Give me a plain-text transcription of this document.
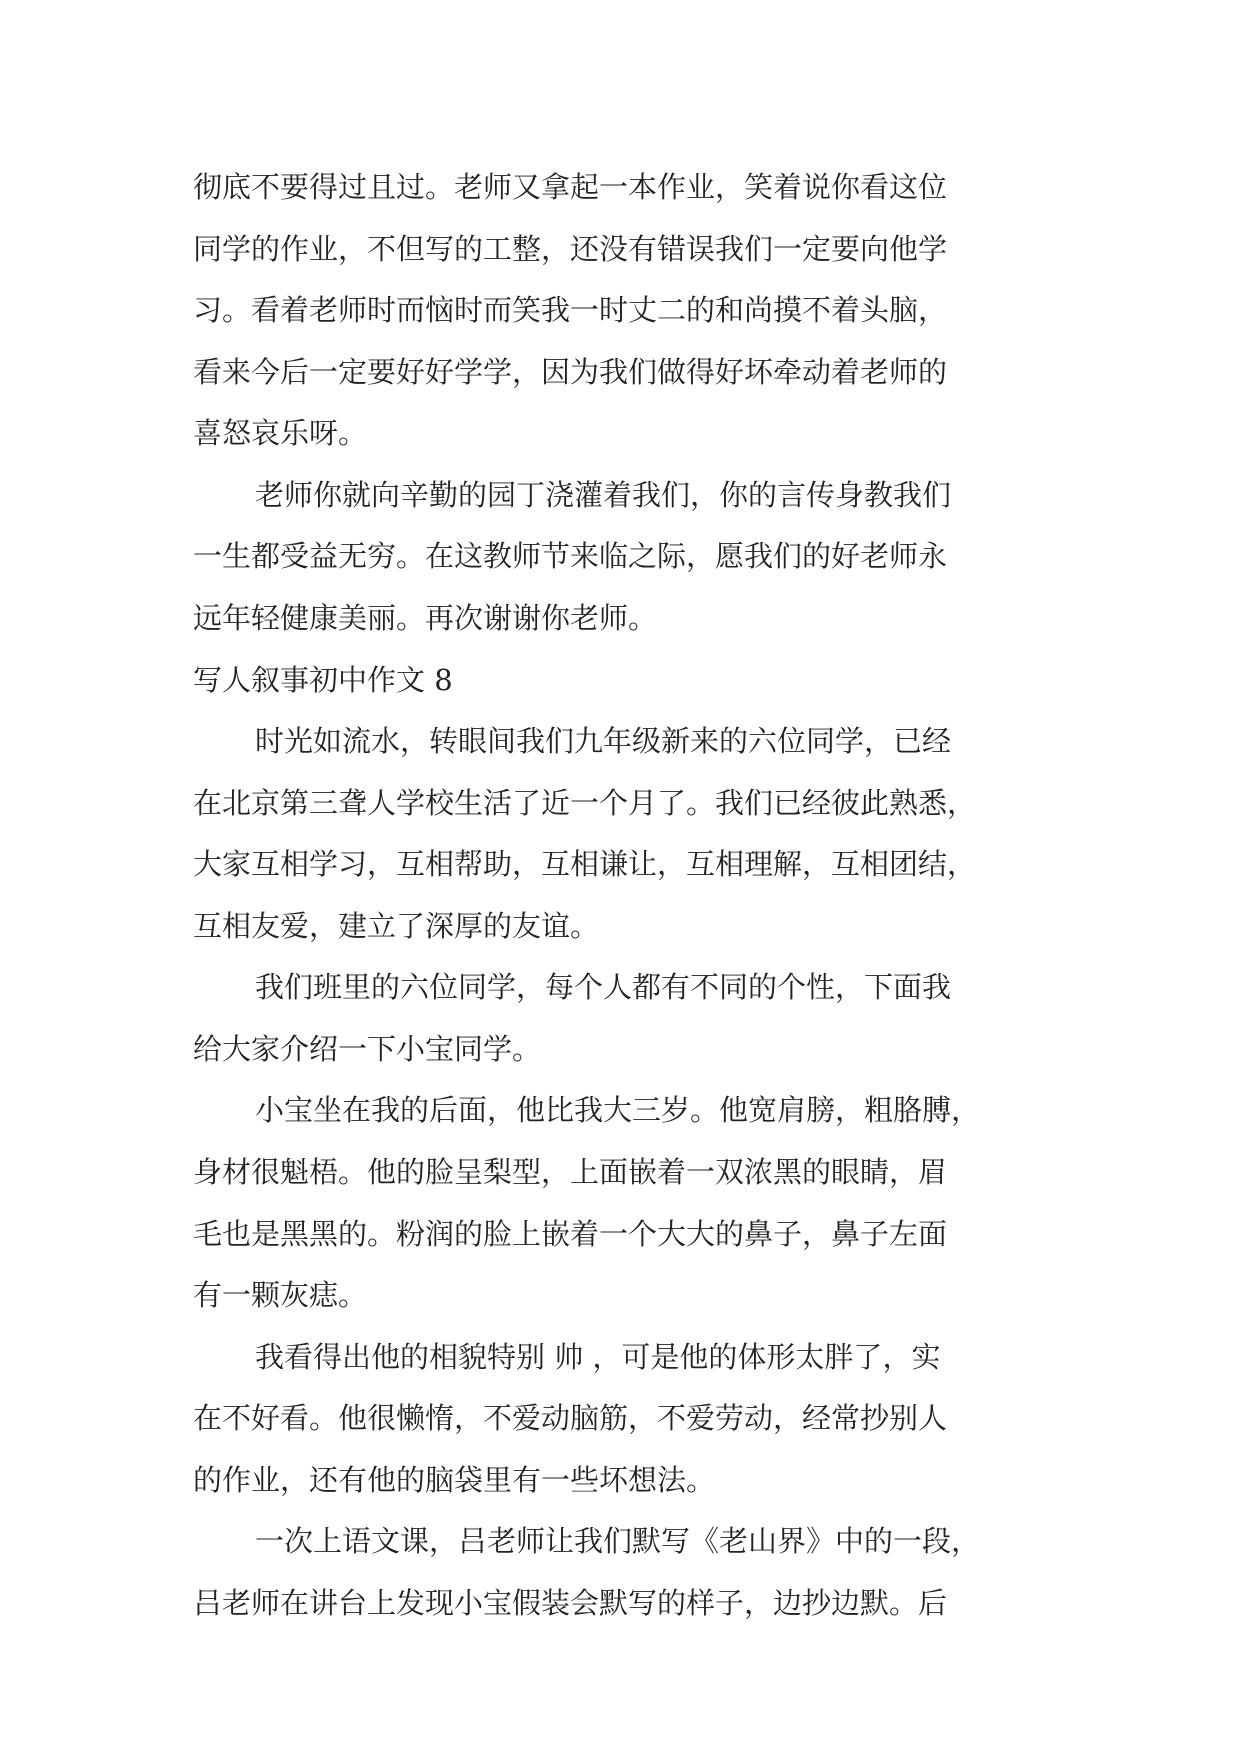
彻底不要得过且过。老师又拿起一本作业，笑着说你看这位

同学的作业，不但写的工整，还没有错误我们一定要向他学

习。看着老师时而恼时而笑我一时丈二的和尚摸不着头脑，

看来今后一定要好好学学，因为我们做得好坏牵动着老师的

喜怒哀乐呀。

老师你就向辛勤的园丁浇灌着我们，你的言传身教我们

一生都受益无穷。在这教师节来临之际，愿我们的好老师永

远年轻健康美丽。再次谢谢你老师。

写人叙事初中作文 8

时光如流水，转眼间我们九年级新来的六位同学，已经

在北京第三聋人学校生活了近一个月了。我们已经彼此熟悉，

大家互相学习，互相帮助，互相谦让，互相理解，互相团结，

互相友爱，建立了深厚的友谊。

我们班里的六位同学，每个人都有不同的个性，下面我

给大家介绍一下小宝同学。

小宝坐在我的后面，他比我大三岁。他宽肩膀，粗胳膊，

身材很魁梧。他的脸呈梨型，上面嵌着一双浓黑的眼睛，眉

毛也是黑黑的。粉润的脸上嵌着一个大大的鼻子，鼻子左面

有一颗灰痣。

我看得出他的相貌特别 帅 ，可是他的体形太胖了，实

在不好看。他很懒惰，不爱动脑筋，不爱劳动，经常抄别人

的作业，还有他的脑袋里有一些坏想法。

一次上语文课，吕老师让我们默写《老山界》中的一段，

吕老师在讲台上发现小宝假装会默写的样子，边抄边默。后
